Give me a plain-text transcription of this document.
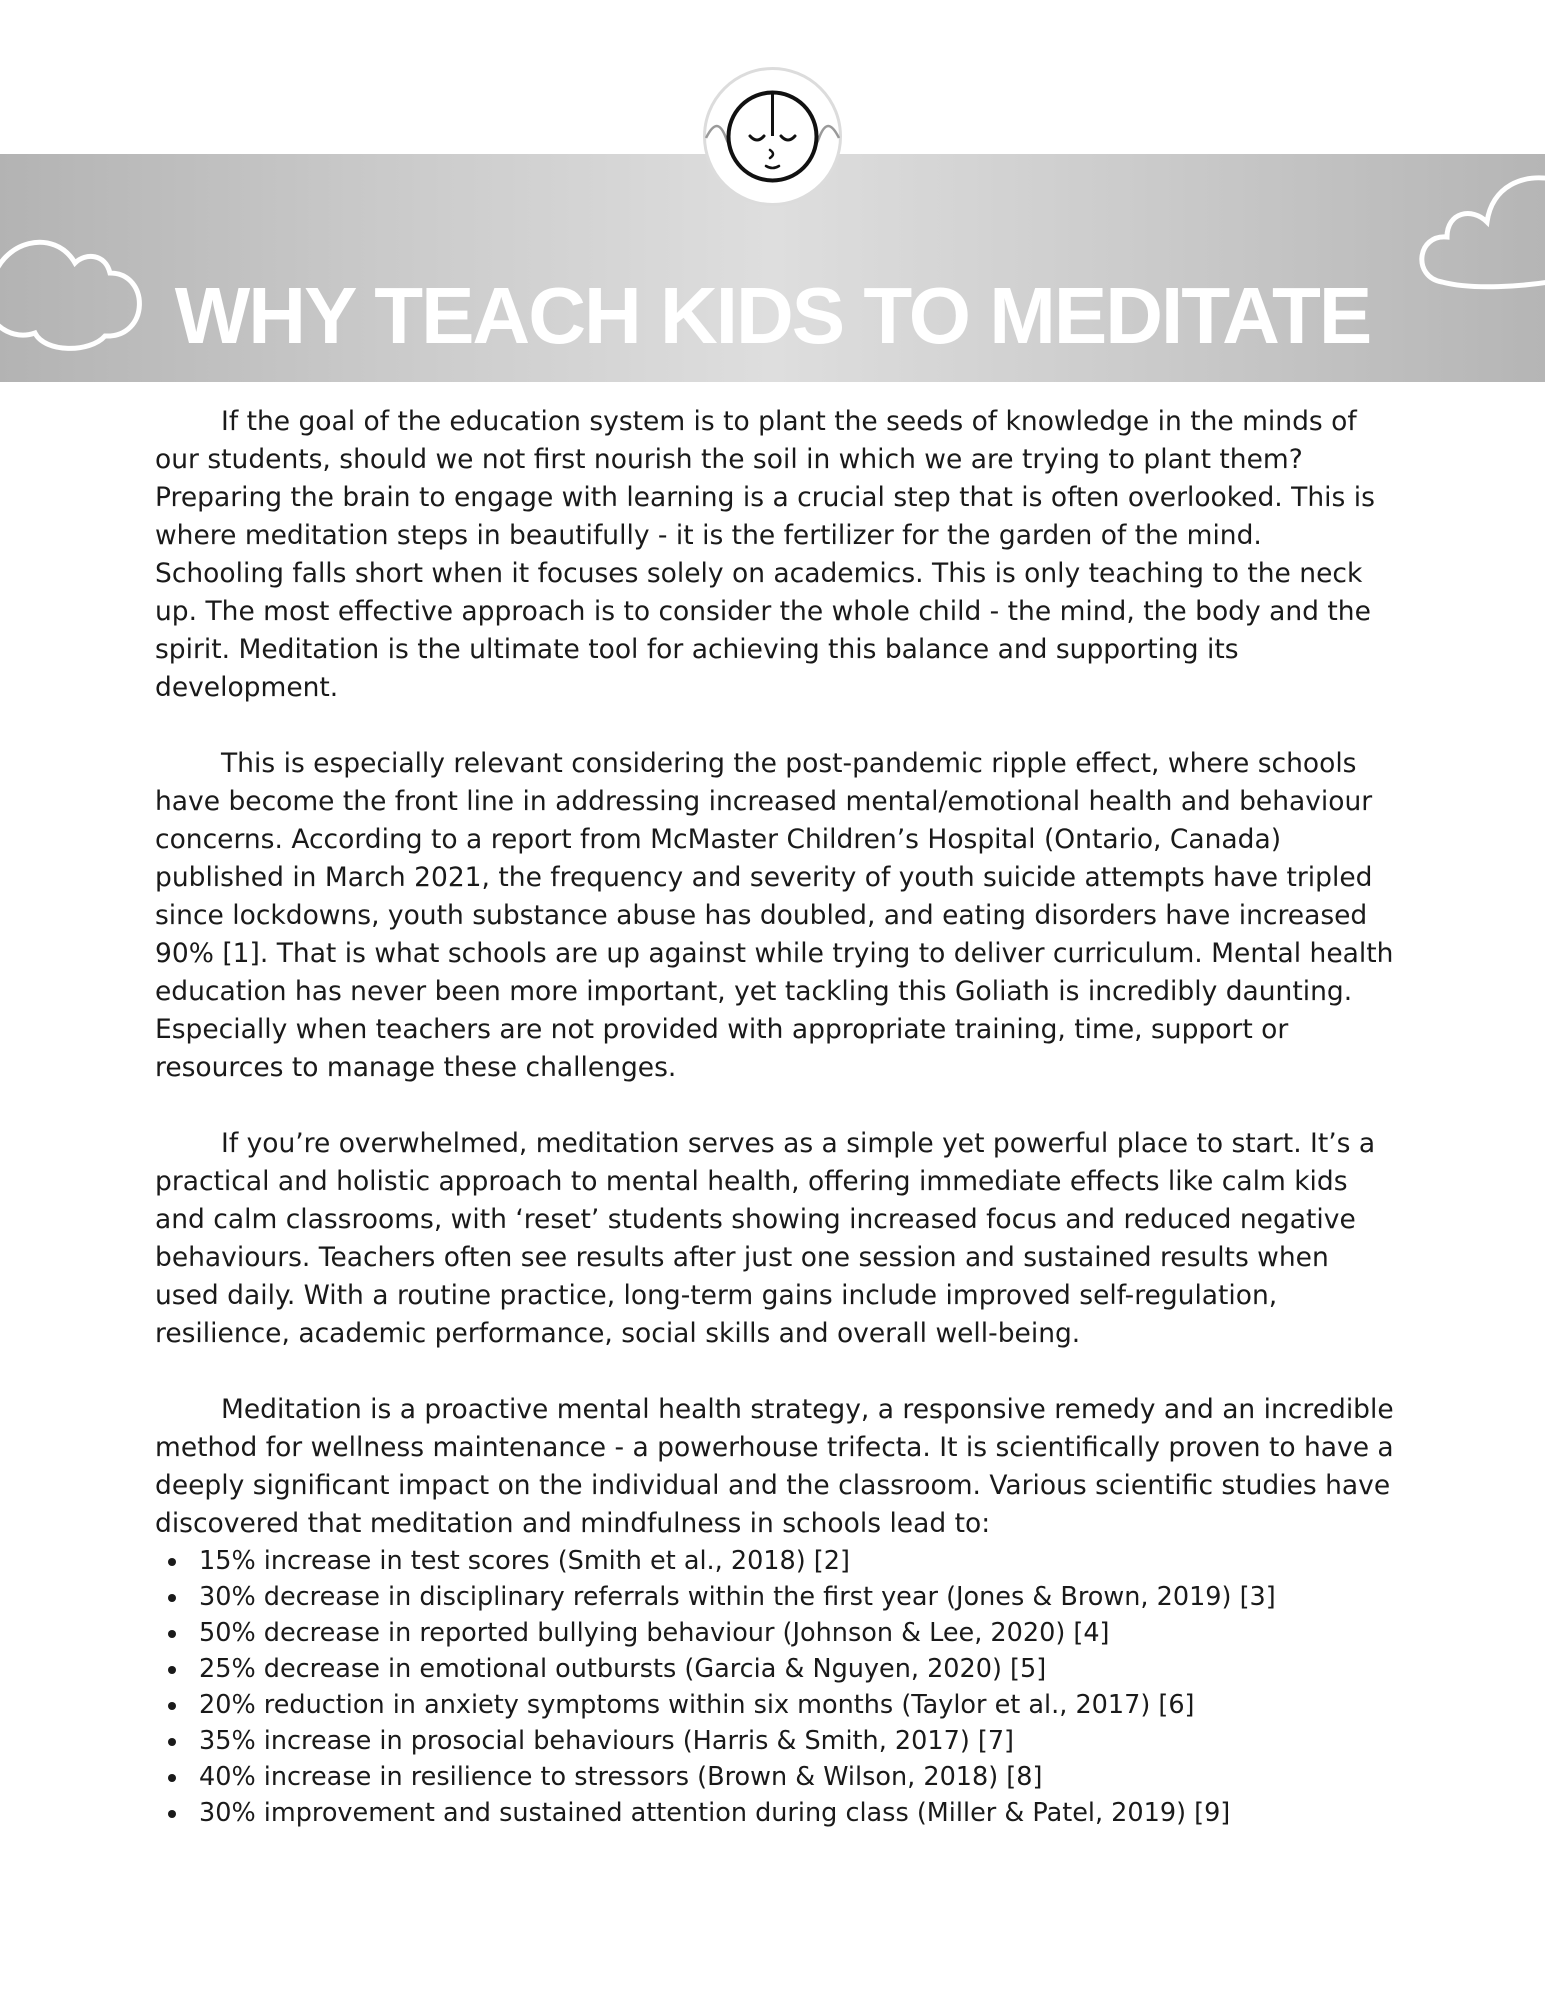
WHY TEACH KIDS TO MEDITATE

If the goal of the education system is to plant the seeds of knowledge in the minds of our students, should we not first nourish the soil in which we are trying to plant them? Preparing the brain to engage with learning is a crucial step that is often overlooked. This is where meditation steps in beautifully - it is the fertilizer for the garden of the mind. Schooling falls short when it focuses solely on academics. This is only teaching to the neck up. The most effective approach is to consider the whole child - the mind, the body and the spirit. Meditation is the ultimate tool for achieving this balance and supporting its development.

This is especially relevant considering the post-pandemic ripple effect, where schools have become the front line in addressing increased mental/emotional health and behaviour concerns. According to a report from McMaster Children’s Hospital (Ontario, Canada) published in March 2021, the frequency and severity of youth suicide attempts have tripled since lockdowns, youth substance abuse has doubled, and eating disorders have increased 90% [1]. That is what schools are up against while trying to deliver curriculum. Mental health education has never been more important, yet tackling this Goliath is incredibly daunting. Especially when teachers are not provided with appropriate training, time, support or resources to manage these challenges.

If you’re overwhelmed, meditation serves as a simple yet powerful place to start. It’s a practical and holistic approach to mental health, offering immediate effects like calm kids and calm classrooms, with ‘reset’ students showing increased focus and reduced negative behaviours. Teachers often see results after just one session and sustained results when used daily. With a routine practice, long-term gains include improved self-regulation, resilience, academic performance, social skills and overall well-being.

Meditation is a proactive mental health strategy, a responsive remedy and an incredible method for wellness maintenance - a powerhouse trifecta. It is scientifically proven to have a deeply significant impact on the individual and the classroom. Various scientific studies have discovered that meditation and mindfulness in schools lead to:

15% increase in test scores (Smith et al., 2018) [2]
30% decrease in disciplinary referrals within the first year (Jones & Brown, 2019) [3]
50% decrease in reported bullying behaviour (Johnson & Lee, 2020) [4]
25% decrease in emotional outbursts (Garcia & Nguyen, 2020) [5]
20% reduction in anxiety symptoms within six months (Taylor et al., 2017) [6]
35% increase in prosocial behaviours (Harris & Smith, 2017) [7]
40% increase in resilience to stressors (Brown & Wilson, 2018) [8]
30% improvement and sustained attention during class (Miller & Patel, 2019) [9]
